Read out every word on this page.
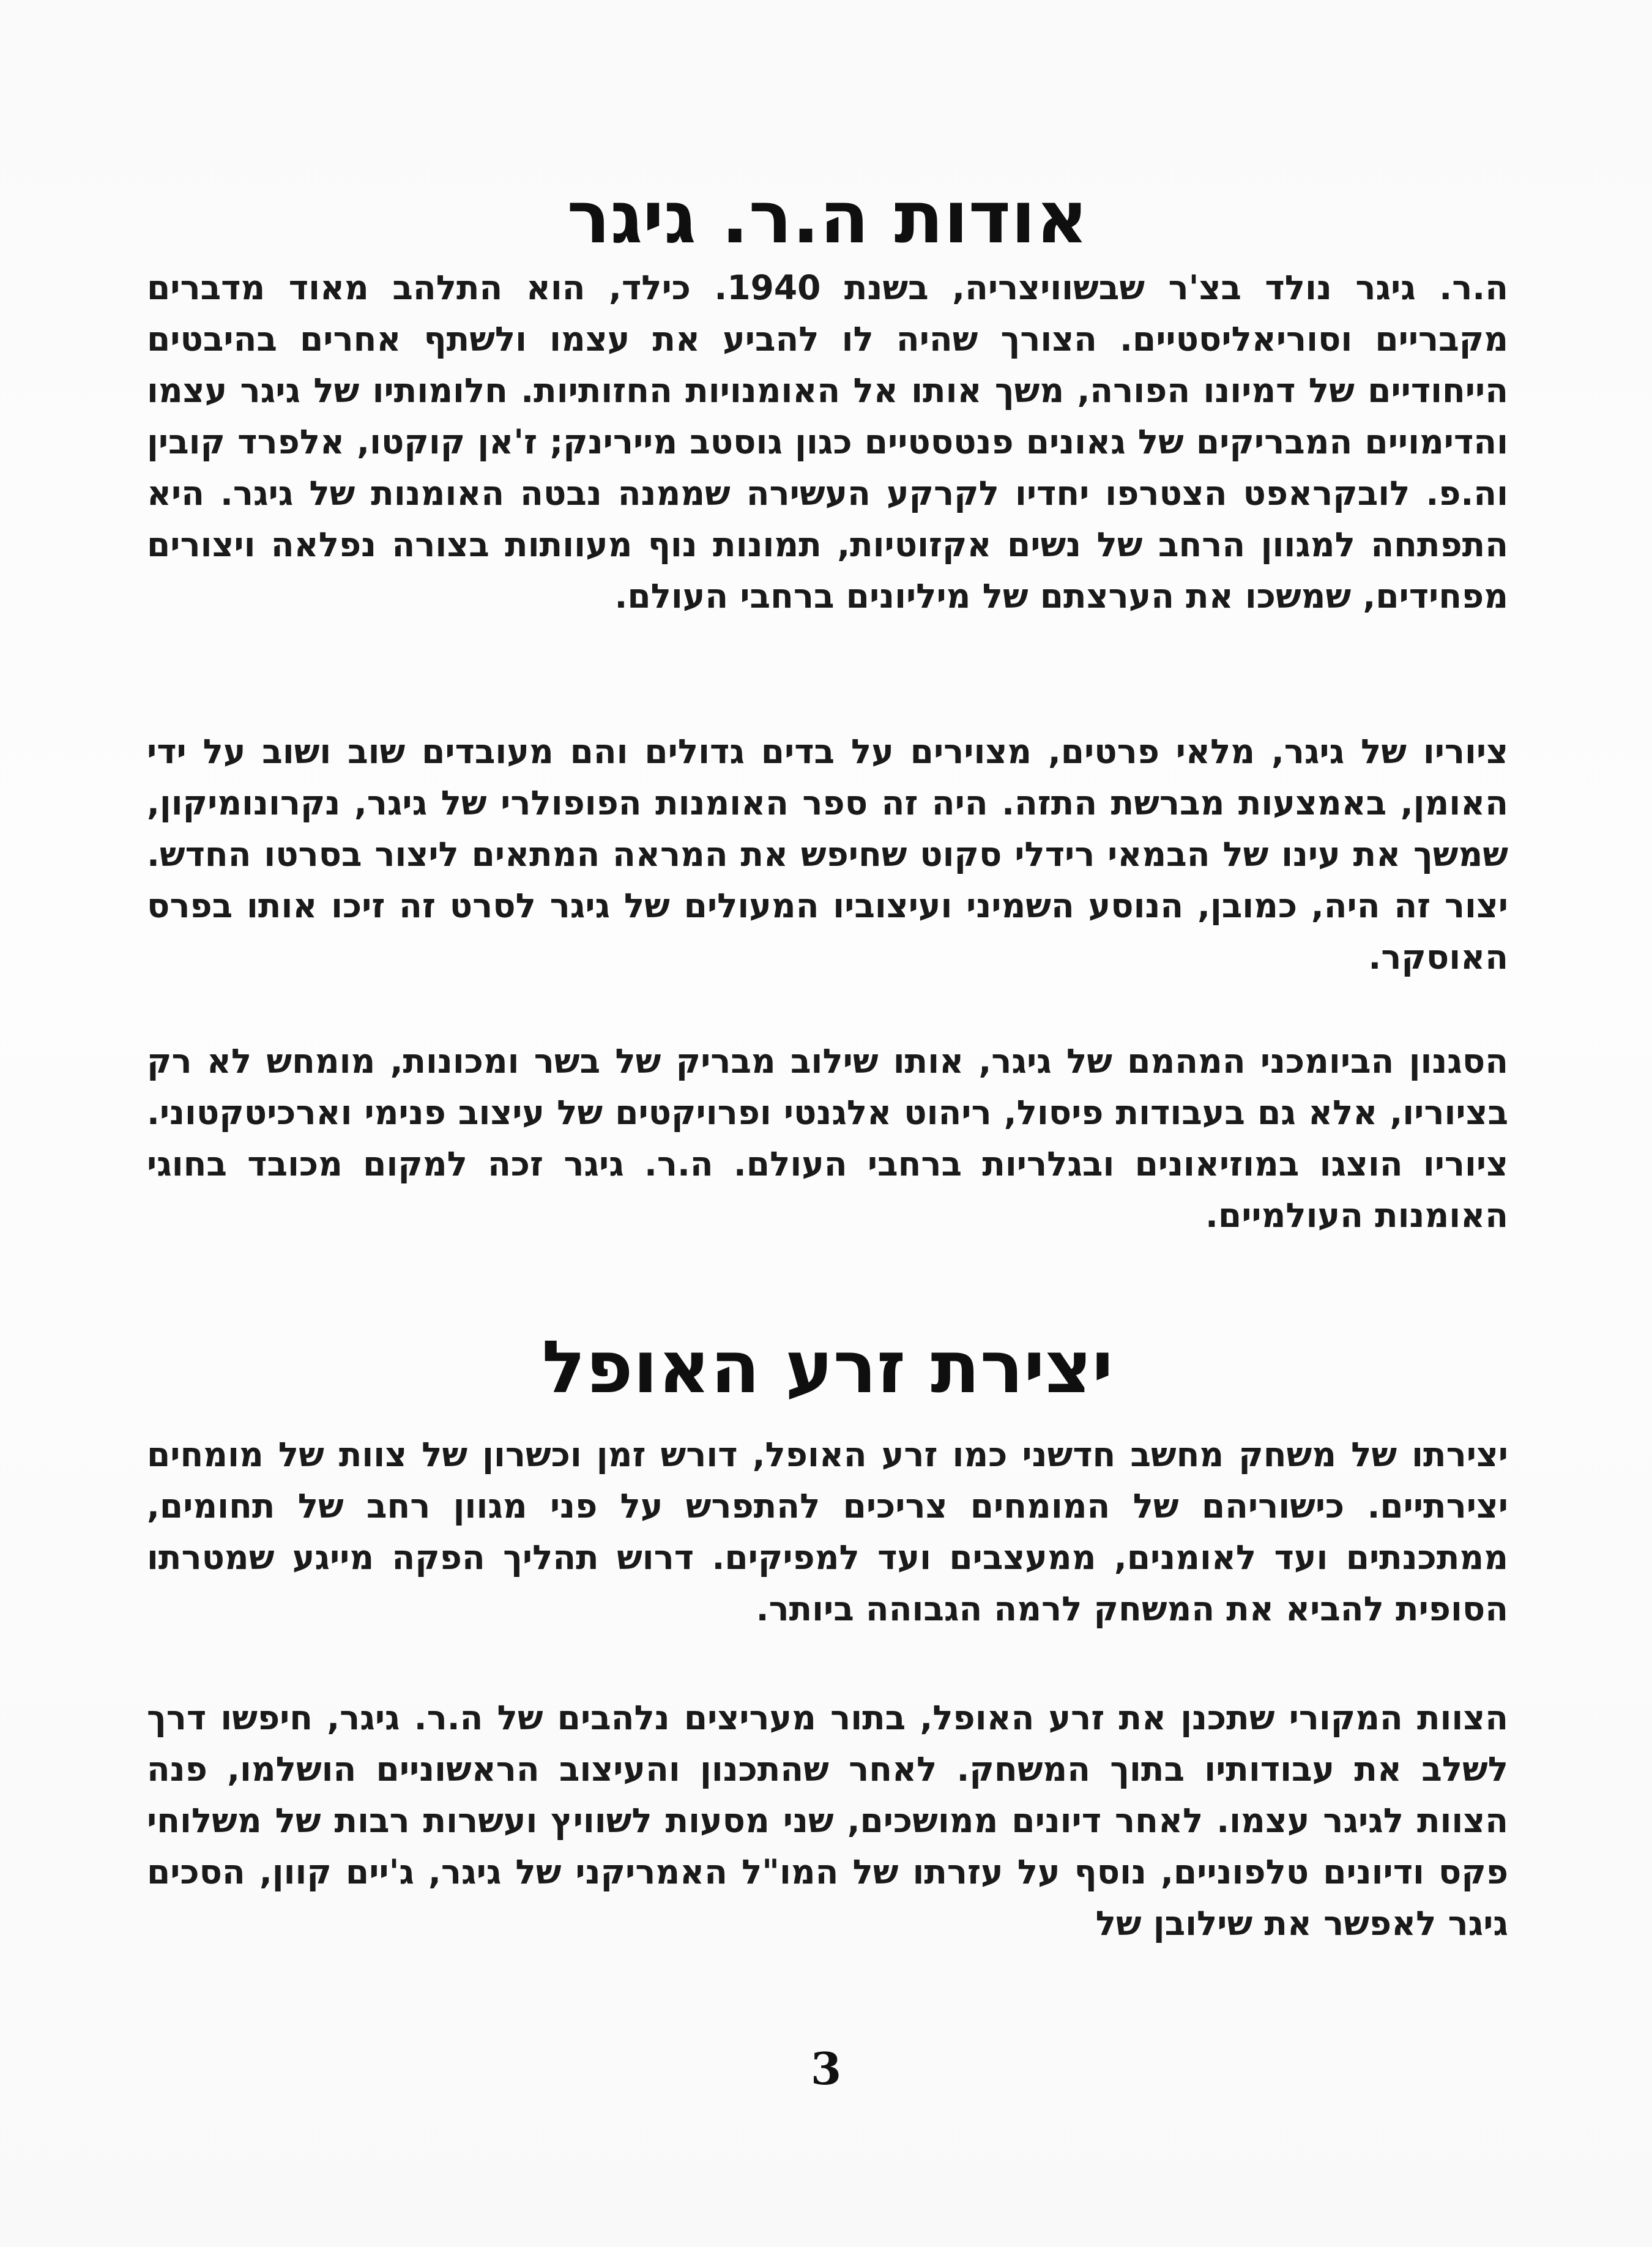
אודות ה.ר. גיגר

ה.ר. גיגר נולד בצ'ר שבשוויצריה, בשנת 1940. כילד, הוא התלהב מאוד מדברים מקבריים וסוריאליסטיים. הצורך שהיה לו להביע את עצמו ולשתף אחרים בהיבטים הייחודיים של דמיונו הפורה, משך אותו אל האומנויות החזותיות. חלומותיו של גיגר עצמו והדימויים המבריקים של גאונים פנטסטיים כגון גוסטב מיירינק; ז'אן קוקטו, אלפרד קובין וה.פ. לובקראפט הצטרפו יחדיו לקרקע העשירה שממנה נבטה האומנות של גיגר. היא התפתחה למגוון הרחב של נשים אקזוטיות, תמונות נוף מעוותות בצורה נפלאה ויצורים מפחידים, שמשכו את הערצתם של מיליונים ברחבי העולם.

ציוריו של גיגר, מלאי פרטים, מצוירים על בדים גדולים והם מעובדים שוב ושוב על ידי האומן, באמצעות מברשת התזה. היה זה ספר האומנות הפופולרי של גיגר, נקרונומיקון, שמשך את עינו של הבמאי רידלי סקוט שחיפש את המראה המתאים ליצור בסרטו החדש. יצור זה היה, כמובן, הנוסע השמיני ועיצוביו המעולים של גיגר לסרט זה זיכו אותו בפרס האוסקר.

הסגנון הביומכני המהמם של גיגר, אותו שילוב מבריק של בשר ומכונות, מומחש לא רק בציוריו, אלא גם בעבודות פיסול, ריהוט אלגנטי ופרויקטים של עיצוב פנימי וארכיטקטוני. ציוריו הוצגו במוזיאונים ובגלריות ברחבי העולם. ה.ר. גיגר זכה למקום מכובד בחוגי האומנות העולמיים.

יצירת זרע האופל

יצירתו של משחק מחשב חדשני כמו זרע האופל, דורש זמן וכשרון של צוות של מומחים יצירתיים. כישוריהם של המומחים צריכים להתפרש על פני מגוון רחב של תחומים, ממתכנתים ועד לאומנים, ממעצבים ועד למפיקים. דרוש תהליך הפקה מייגע שמטרתו הסופית להביא את המשחק לרמה הגבוהה ביותר.

הצוות המקורי שתכנן את זרע האופל, בתור מעריצים נלהבים של ה.ר. גיגר, חיפשו דרך לשלב את עבודותיו בתוך המשחק. לאחר שהתכנון והעיצוב הראשוניים הושלמו, פנה הצוות לגיגר עצמו. לאחר דיונים ממושכים, שני מסעות לשוויץ ועשרות רבות של משלוחי פקס ודיונים טלפוניים, נוסף על עזרתו של המו"ל האמריקני של גיגר, ג'יים קוון, הסכים גיגר לאפשר את שילובן של

3
